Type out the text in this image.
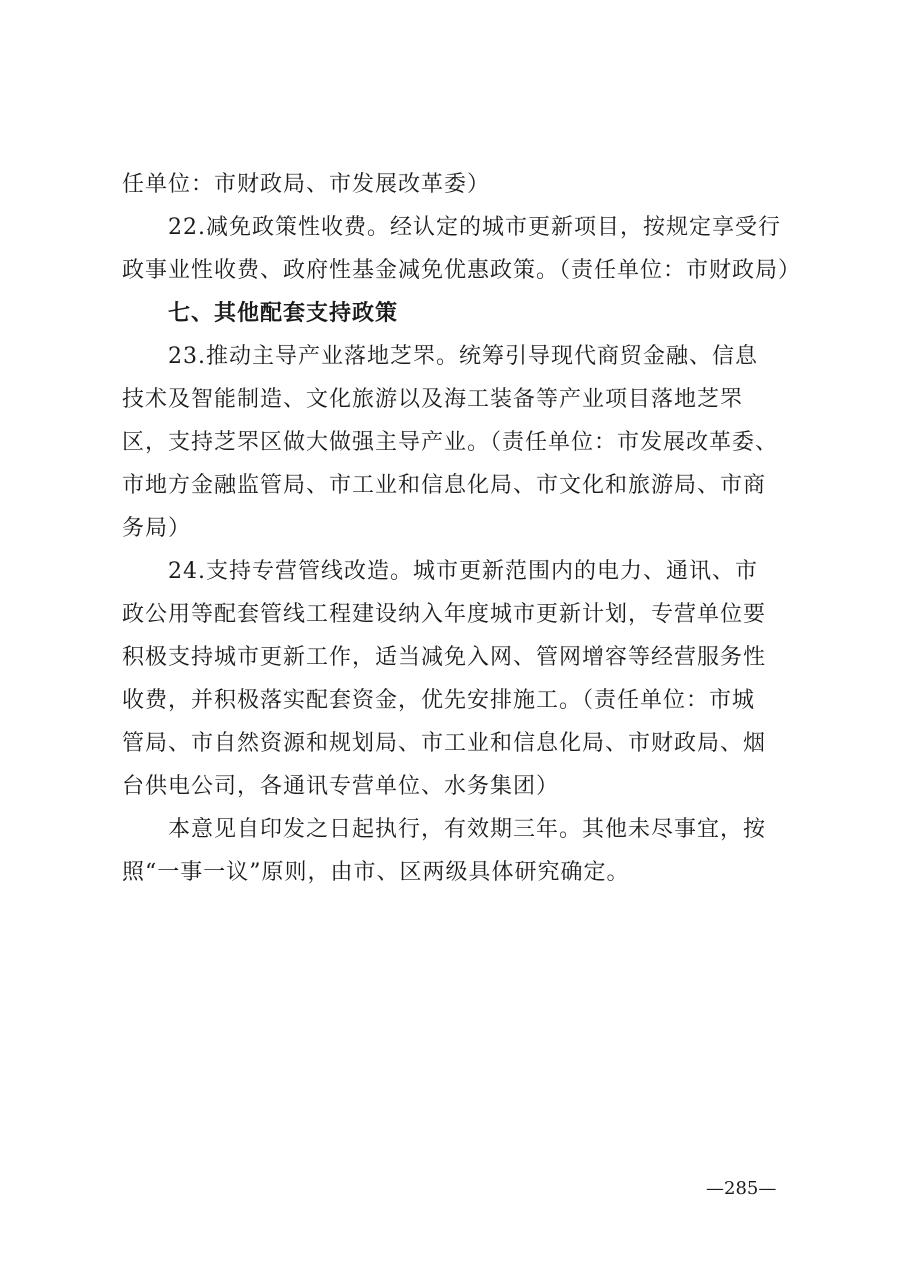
任单位：市财政局、市发展改革委）
22.减免政策性收费。经认定的城市更新项目，按规定享受行
政事业性收费、政府性基金减免优惠政策。（责任单位：市财政局）
七、其他配套支持政策
23.推动主导产业落地芝罘。统筹引导现代商贸金融、信息
技术及智能制造、文化旅游以及海工装备等产业项目落地芝罘
区，支持芝罘区做大做强主导产业。（责任单位：市发展改革委、
市地方金融监管局、市工业和信息化局、市文化和旅游局、市商
务局）
24.支持专营管线改造。城市更新范围内的电力、通讯、市
政公用等配套管线工程建设纳入年度城市更新计划，专营单位要
积极支持城市更新工作，适当减免入网、管网增容等经营服务性
收费，并积极落实配套资金，优先安排施工。（责任单位：市城
管局、市自然资源和规划局、市工业和信息化局、市财政局、烟
台供电公司，各通讯专营单位、水务集团）
本意见自印发之日起执行，有效期三年。其他未尽事宜，按
照“一事一议”原则，由市、区两级具体研究确定。
—285—
